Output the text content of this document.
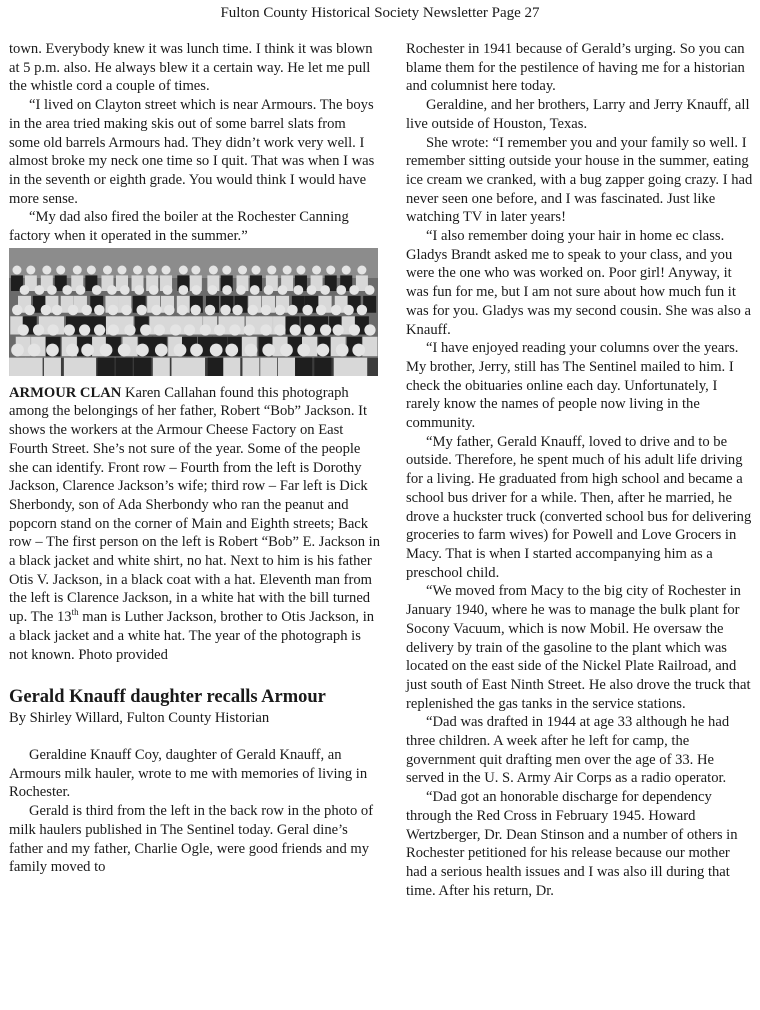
Fulton County Historical Society Newsletter Page 27

town. Everybody knew it was lunch time. I think it was blown at 5 p.m. also. He always blew it a certain way. He let me pull the whistle cord a couple of times.

“I lived on Clayton street which is near Armours. The boys in the area tried making skis out of some barrel slats from some old barrels Armours had. They didn’t work very well. I almost broke my neck one time so I quit. That was when I was in the seventh or eighth grade. You would think I would have more sense.

“My dad also fired the boiler at the Rochester Canning factory when it operated in the summer.”

ARMOUR CLAN Karen Callahan found this photograph among the belongings of her father, Robert “Bob” Jackson. It shows the workers at the Armour Cheese Factory on East Fourth Street. She’s not sure of the year. Some of the people she can identify. Front row – Fourth from the left is Dorothy Jackson, Clarence Jackson’s wife; third row – Far left is Dick Sherbondy, son of Ada Sherbondy who ran the peanut and popcorn stand on the corner of Main and Eighth streets; Back row – The first person on the left is Robert “Bob” E. Jackson in a black jacket and white shirt, no hat. Next to him is his father Otis V. Jackson, in a black coat with a hat. Eleventh man from the left is Clarence Jackson, in a white hat with the bill turned up. The 13th man is Luther Jackson, brother to Otis Jackson, in a black jacket and a white hat. The year of the photograph is not known. Photo provided

Gerald Knauff daughter recalls Armour

By Shirley Willard, Fulton County Historian

Geraldine Knauff Coy, daughter of Gerald Knauff, an Armours milk hauler, wrote to me with memories of living in Rochester.

Gerald is third from the left in the back row in the photo of milk haulers published in The Sentinel today. Geral dine’s father and my father, Charlie Ogle, were good friends and my family moved to

Rochester in 1941 because of Gerald’s urging. So you can blame them for the pestilence of having me for a historian and columnist here today.

Geraldine, and her brothers, Larry and Jerry Knauff, all live outside of Houston, Texas.

She wrote: “I remember you and your family so well. I remember sitting outside your house in the summer, eating ice cream we cranked, with a bug zapper going crazy. I had never seen one before, and I was fascinated. Just like watching TV in later years!

“I also remember doing your hair in home ec class. Gladys Brandt asked me to speak to your class, and you were the one who was worked on. Poor girl! Anyway, it was fun for me, but I am not sure about how much fun it was for you. Gladys was my second cousin. She was also a Knauff.

“I have enjoyed reading your columns over the years. My brother, Jerry, still has The Sentinel mailed to him. I check the obituaries online each day. Unfortunately, I rarely know the names of people now living in the community.

“My father, Gerald Knauff, loved to drive and to be outside. Therefore, he spent much of his adult life driving for a living. He graduated from high school and became a school bus driver for a while. Then, after he married, he drove a huckster truck (converted school bus for delivering groceries to farm wives) for Powell and Love Grocers in Macy. That is when I started accompanying him as a preschool child.

“We moved from Macy to the big city of Rochester in January 1940, where he was to manage the bulk plant for Socony Vacuum, which is now Mobil. He oversaw the delivery by train of the gasoline to the plant which was located on the east side of the Nickel Plate Railroad, and just south of East Ninth Street. He also drove the truck that replenished the gas tanks in the service stations.

“Dad was drafted in 1944 at age 33 although he had three children. A week after he left for camp, the government quit drafting men over the age of 33. He served in the U. S. Army Air Corps as a radio operator.

“Dad got an honorable discharge for dependency through the Red Cross in February 1945. Howard Wertzberger, Dr. Dean Stinson and a number of others in Rochester petitioned for his release because our mother had a serious health issues and I was also ill during that time. After his return, Dr.
